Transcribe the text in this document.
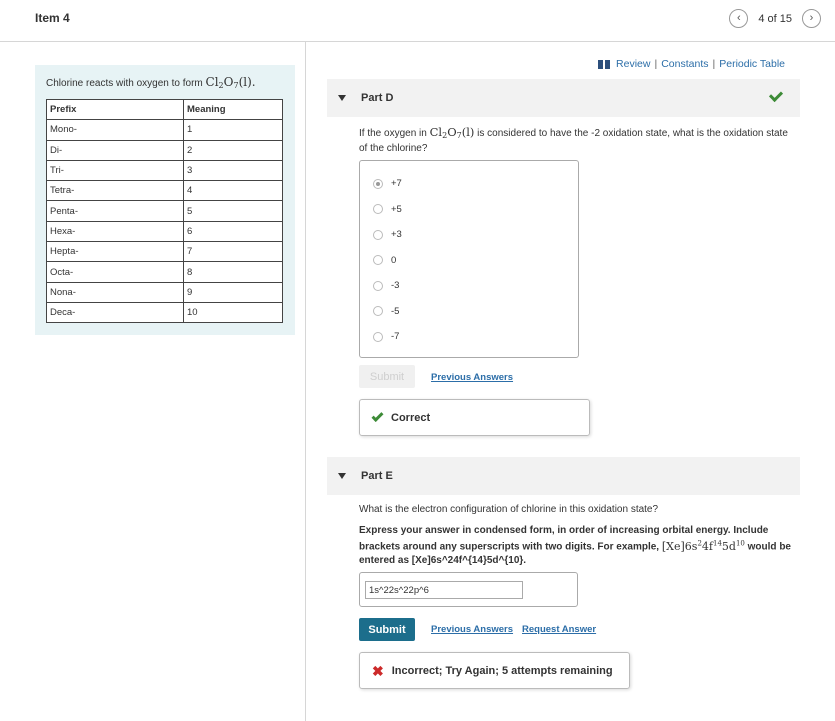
Item 4	‹	4 of 15	›
Chlorine reacts with oxygen to form $Cl_2O_7(l)$.
Prefix	Meaning
Mono-	1
Di-	2
Tri-	3
Tetra-	4
Penta-	5
Hexa-	6
Hepta-	7
Octa-	8
Nona-	9
Deca-	10
Review | Constants | Periodic Table
Part D
If the oxygen in $Cl_2O_7(l)$ is considered to have the -2 oxidation state, what is the oxidation state of the chlorine?
+7
+5
+3
0
-3
-5
-7
Submit	Previous Answers
Correct
Part E
What is the electron configuration of chlorine in this oxidation state?
Express your answer in condensed form, in order of increasing orbital energy. Include brackets around any superscripts with two digits. For example, $[Xe]6s^24f^{14}5d^{10}$ would be entered as [Xe]6s^24f^{14}5d^{10}.
1s^22s^22p^6
Submit	Previous Answers Request Answer
✖ Incorrect; Try Again; 5 attempts remaining
